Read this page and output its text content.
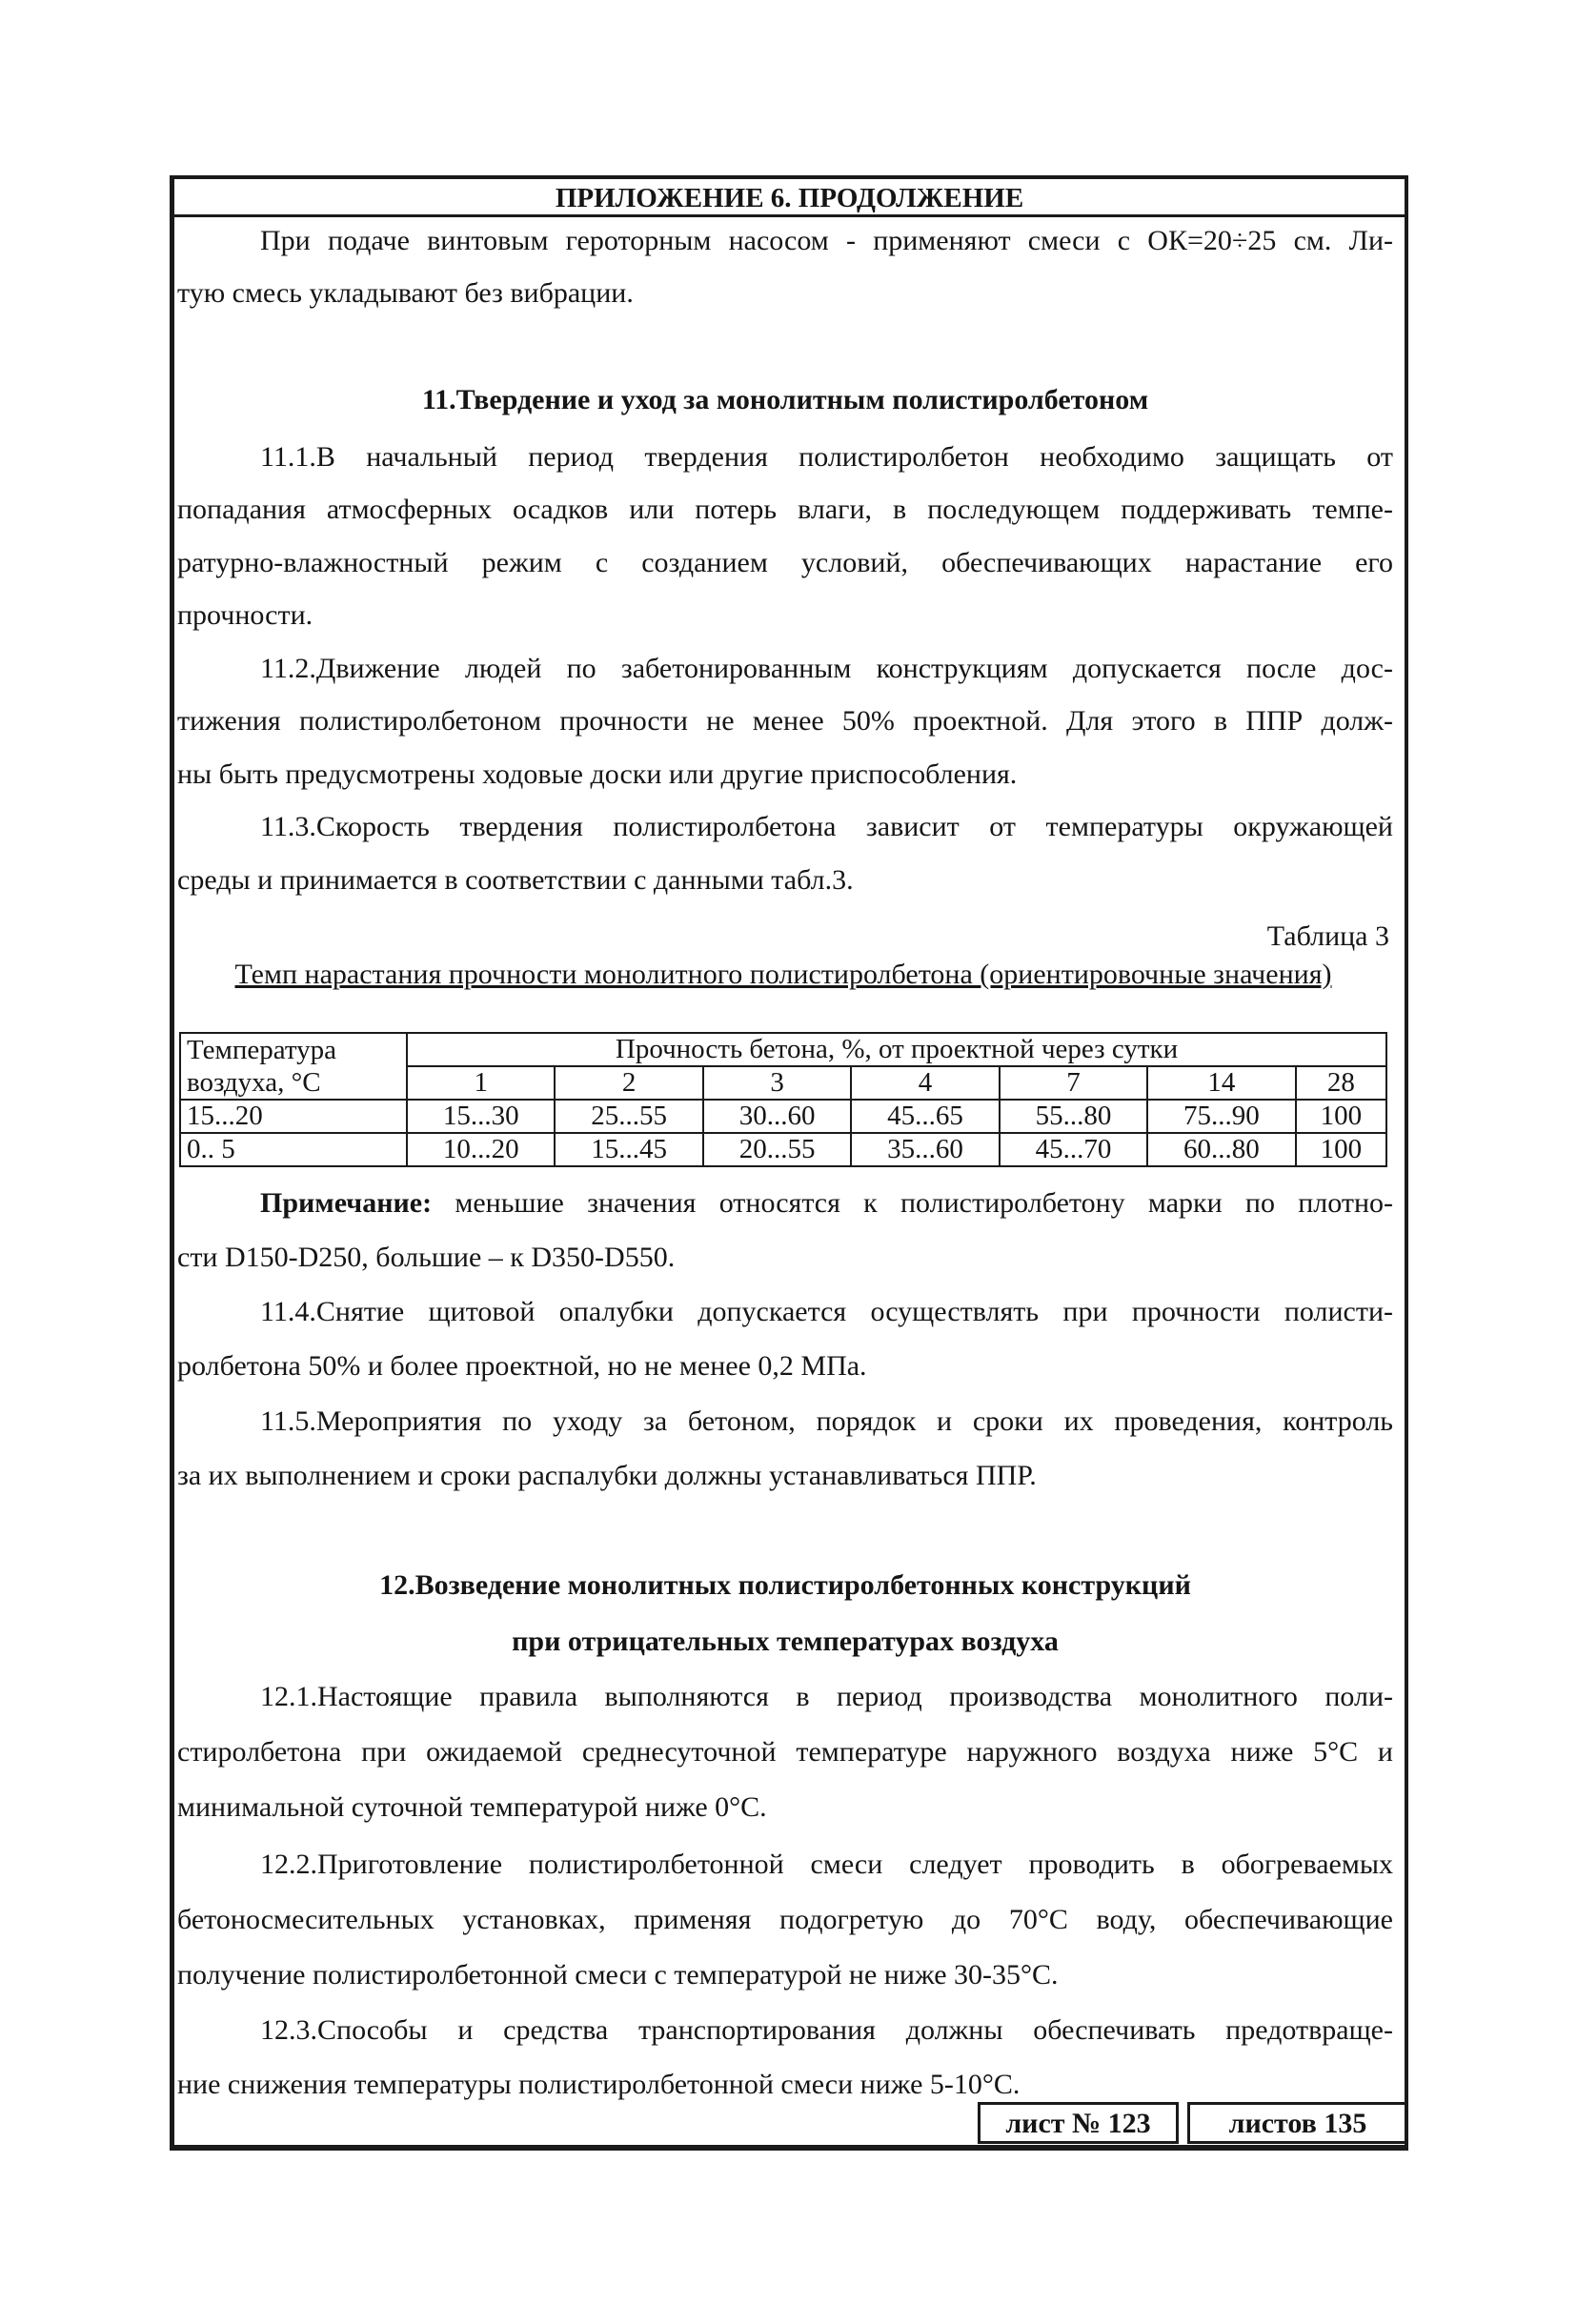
ПРИЛОЖЕНИЕ 6. ПРОДОЛЖЕНИЕ
При подаче винтовым героторным насосом - применяют смеси с ОК=20÷25 см. Ли-
тую смесь укладывают без вибрации.
11.Твердение и уход за монолитным полистиролбетоном
11.1.В начальный период твердения полистиролбетон необходимо защищать от
попадания атмосферных осадков или потерь влаги, в последующем поддерживать темпе-
ратурно-влажностный режим с созданием условий, обеспечивающих нарастание его
прочности.
11.2.Движение людей по забетонированным конструкциям допускается после дос-
тижения полистиролбетоном прочности не менее 50% проектной. Для этого в ППР долж-
ны быть предусмотрены ходовые доски или другие приспособления.
11.3.Скорость твердения полистиролбетона зависит от температуры окружающей
среды и принимается в соответствии с данными табл.3.
Таблица 3
Темп нарастания прочности монолитного полистиролбетона (ориентировочные значения)
Температура	Прочность бетона, %, от проектной через сутки						
воздуха, °С	1	2	3	4	7	14	28
15...20	15...30	25...55	30...60	45...65	55...80	75...90	100
0.. 5	10...20	15...45	20...55	35...60	45...70	60...80	100
Примечание: меньшие значения относятся к полистиролбетону марки по плотно-
сти D150-D250, большие – к D350-D550.
11.4.Снятие щитовой опалубки допускается осуществлять при прочности полисти-
ролбетона 50% и более проектной, но не менее 0,2 МПа.
11.5.Мероприятия по уходу за бетоном, порядок и сроки их проведения, контроль
за их выполнением и сроки распалубки должны устанавливаться ППР.
12.Возведение монолитных полистиролбетонных конструкций
при отрицательных температурах воздуха
12.1.Настоящие правила выполняются в период производства монолитного поли-
стиролбетона при ожидаемой среднесуточной температуре наружного воздуха ниже 5°С и
минимальной суточной температурой ниже 0°С.
12.2.Приготовление полистиролбетонной смеси следует проводить в обогреваемых
бетоносмесительных установках, применяя подогретую до 70°С воду, обеспечивающие
получение полистиролбетонной смеси с температурой не ниже 30-35°С.
12.3.Способы и средства транспортирования должны обеспечивать предотвраще-
ние снижения температуры полистиролбетонной смеси ниже 5-10°С.
лист № 123	листов 135
